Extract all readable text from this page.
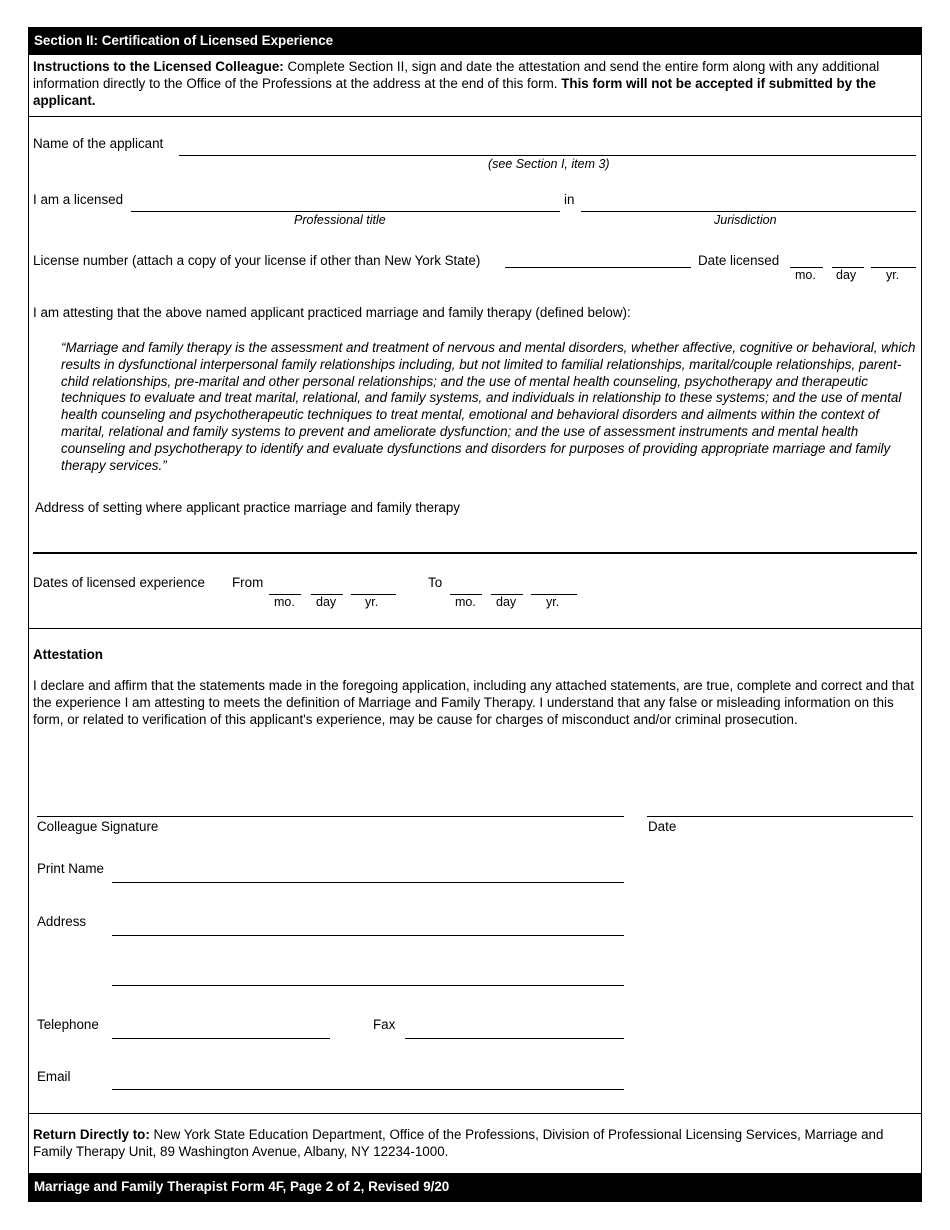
Section II: Certification of Licensed Experience
Instructions to the Licensed Colleague: Complete Section II, sign and date the attestation and send the entire form along with any additional information directly to the Office of the Professions at the address at the end of this form. This form will not be accepted if submitted by the applicant.
Name of the applicant
(see Section I, item 3)
I am a licensed	in
Professional title	Jurisdiction
License number (attach a copy of your license if other than New York State)	Date licensed
mo. day yr.
I am attesting that the above named applicant practiced marriage and family therapy (defined below):
“Marriage and family therapy is the assessment and treatment of nervous and mental disorders, whether affective, cognitive or behavioral, which results in dysfunctional interpersonal family relationships including, but not limited to familial relationships, marital/couple relationships, parent-child relationships, pre-marital and other personal relationships; and the use of mental health counseling, psychotherapy and therapeutic techniques to evaluate and treat marital, relational, and family systems, and individuals in relationship to these systems; and the use of mental health counseling and psychotherapeutic techniques to treat mental, emotional and behavioral disorders and ailments within the context of marital, relational and family systems to prevent and ameliorate dysfunction; and the use of assessment instruments and mental health counseling and psychotherapy to identify and evaluate dysfunctions and disorders for purposes of providing appropriate marriage and family therapy services.”
Address of setting where applicant practice marriage and family therapy
Dates of licensed experience From
mo. day yr.
To
mo. day yr.
Attestation
I declare and affirm that the statements made in the foregoing application, including any attached statements, are true, complete and correct and that the experience I am attesting to meets the definition of Marriage and Family Therapy. I understand that any false or misleading information on this form, or related to verification of this applicant's experience, may be cause for charges of misconduct and/or criminal prosecution.
Colleague Signature	Date
Print Name
Address
Telephone	Fax
Email
Return Directly to: New York State Education Department, Office of the Professions, Division of Professional Licensing Services, Marriage and Family Therapy Unit, 89 Washington Avenue, Albany, NY 12234-1000.
Marriage and Family Therapist Form 4F, Page 2 of 2, Revised 9/20
